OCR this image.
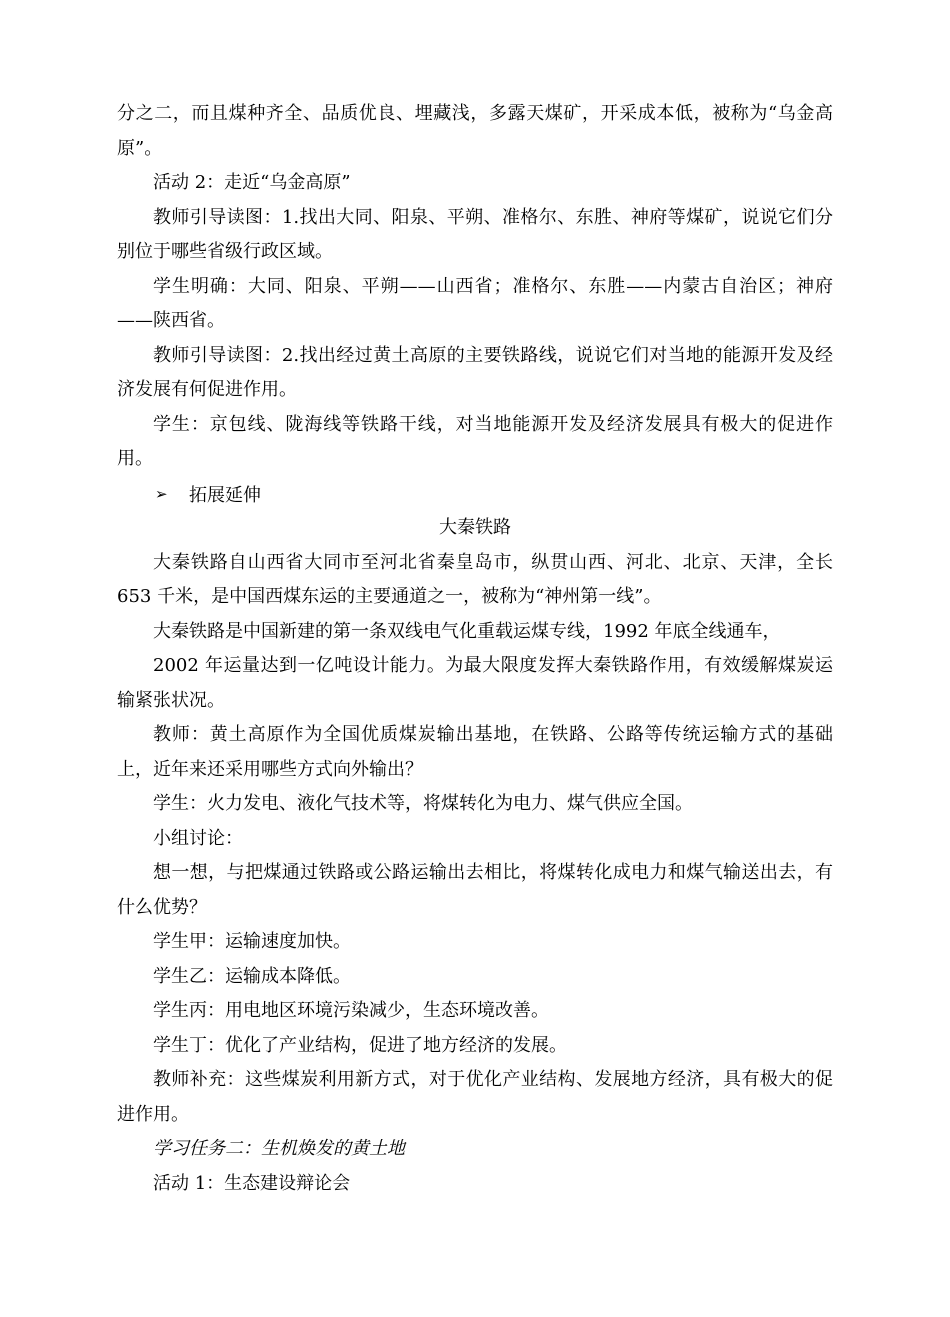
分之二，而且煤种齐全、品质优良、埋藏浅，多露天煤矿，开采成本低，被称为“乌金高原”。

活动 2：走近“乌金高原”

教师引导读图：1.找出大同、阳泉、平朔、准格尔、东胜、神府等煤矿，说说它们分别位于哪些省级行政区域。

学生明确：大同、阳泉、平朔——山西省；准格尔、东胜——内蒙古自治区；神府——陕西省。

教师引导读图：2.找出经过黄土高原的主要铁路线，说说它们对当地的能源开发及经济发展有何促进作用。

学生：京包线、陇海线等铁路干线，对当地能源开发及经济发展具有极大的促进作用。

➢	拓展延伸

大秦铁路

大秦铁路自山西省大同市至河北省秦皇岛市，纵贯山西、河北、北京、天津，全长 653 千米，是中国西煤东运的主要通道之一，被称为“神州第一线”。

大秦铁路是中国新建的第一条双线电气化重载运煤专线，1992 年底全线通车，

2002 年运量达到一亿吨设计能力。为最大限度发挥大秦铁路作用，有效缓解煤炭运输紧张状况。

教师：黄土高原作为全国优质煤炭输出基地，在铁路、公路等传统运输方式的基础上，近年来还采用哪些方式向外输出？

学生：火力发电、液化气技术等，将煤转化为电力、煤气供应全国。

小组讨论：

想一想，与把煤通过铁路或公路运输出去相比，将煤转化成电力和煤气输送出去，有什么优势？

学生甲：运输速度加快。

学生乙：运输成本降低。

学生丙：用电地区环境污染减少，生态环境改善。

学生丁：优化了产业结构，促进了地方经济的发展。

教师补充：这些煤炭利用新方式，对于优化产业结构、发展地方经济，具有极大的促进作用。

学习任务二：生机焕发的黄土地

活动 1：生态建设辩论会
